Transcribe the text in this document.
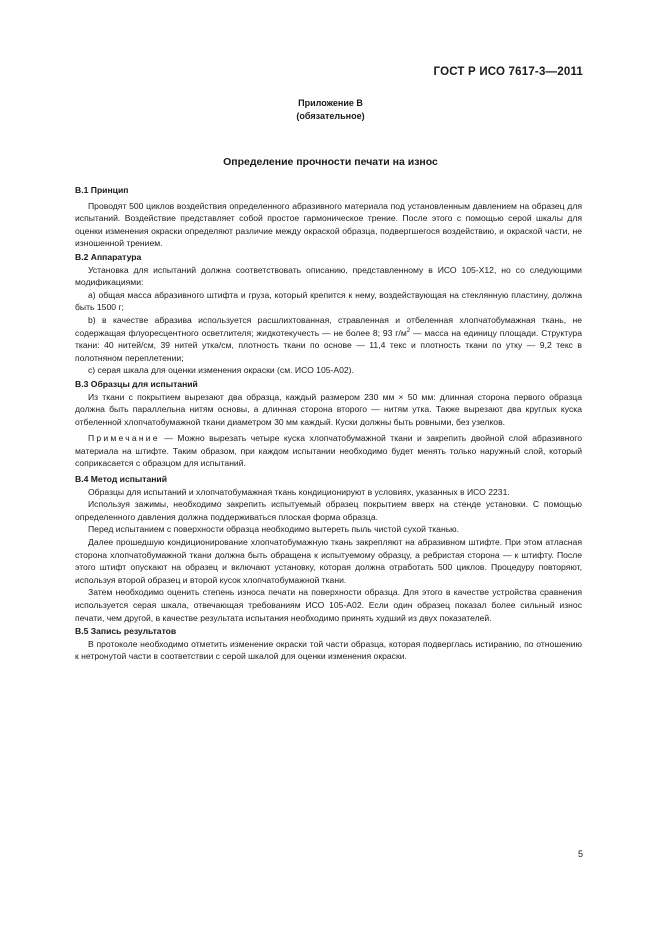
ГОСТ Р ИСО 7617-3—2011
Приложение В
(обязательное)
Определение прочности печати на износ
В.1 Принцип

Проводят 500 циклов воздействия определенного абразивного материала под установленным давлением на образец для испытаний. Воздействие представляет собой простое гармоническое трение. После этого с помощью серой шкалы для оценки изменения окраски определяют различие между окраской образца, подвергшегося воздействию, и окраской части, не изношенной трением.

В.2 Аппаратура

Установка для испытаний должна соответствовать описанию, представленному в ИСО 105-Х12, но со следующими модификациями:

а) общая масса абразивного штифта и груза, который крепится к нему, воздействующая на стеклянную пластину, должна быть 1500 г;

b) в качестве абразива используется расшлихтованная, стравленная и отбеленная хлопчатобумажная ткань, не содержащая флуоресцентного осветлителя; жидкотекучесть — не более 8; 93 $г/м^2$ — масса на единицу площади. Структура ткани: 40 нитей/см, 39 нитей утка/см, плотность ткани по основе — 11,4 текс и плотность ткани по утку — 9,2 текс в полотняном переплетении;

с) серая шкала для оценки изменения окраски (см. ИСО 105-А02).

В.3 Образцы для испытаний

Из ткани с покрытием вырезают два образца, каждый размером 230 мм × 50 мм: длинная сторона первого образца должна быть параллельна нитям основы, а длинная сторона второго — нитям утка. Также вырезают два круглых куска отбеленной хлопчатобумажной ткани диаметром 30 мм каждый. Куски должны быть ровными, без узелков.

Примечание — Можно вырезать четыре куска хлопчатобумажной ткани и закрепить двойной слой абразивного материала на штифте. Таким образом, при каждом испытании необходимо будет менять только наружный слой, который соприкасается с образцом для испытаний.

В.4 Метод испытаний

Образцы для испытаний и хлопчатобумажная ткань кондиционируют в условиях, указанных в ИСО 2231.

Используя зажимы, необходимо закрепить испытуемый образец покрытием вверх на стенде установки. С помощью определенного давления должна поддерживаться плоская форма образца.

Перед испытанием с поверхности образца необходимо вытереть пыль чистой сухой тканью.

Далее прошедшую кондиционирование хлопчатобумажную ткань закрепляют на абразивном штифте. При этом атласная сторона хлопчатобумажной ткани должна быть обращена к испытуемому образцу, а ребристая сторона — к штифту. После этого штифт опускают на образец и включают установку, которая должна отработать 500 циклов. Процедуру повторяют, используя второй образец и второй кусок хлопчатобумажной ткани.

Затем необходимо оценить степень износа печати на поверхности образца. Для этого в качестве устройства сравнения используется серая шкала, отвечающая требованиям ИСО 105-А02. Если один образец показал более сильный износ печати, чем другой, в качестве результата испытания необходимо принять худший из двух показателей.

В.5 Запись результатов

В протоколе необходимо отметить изменение окраски той части образца, которая подверглась истиранию, по отношению к нетронутой части в соответствии с серой шкалой для оценки изменения окраски.

5
